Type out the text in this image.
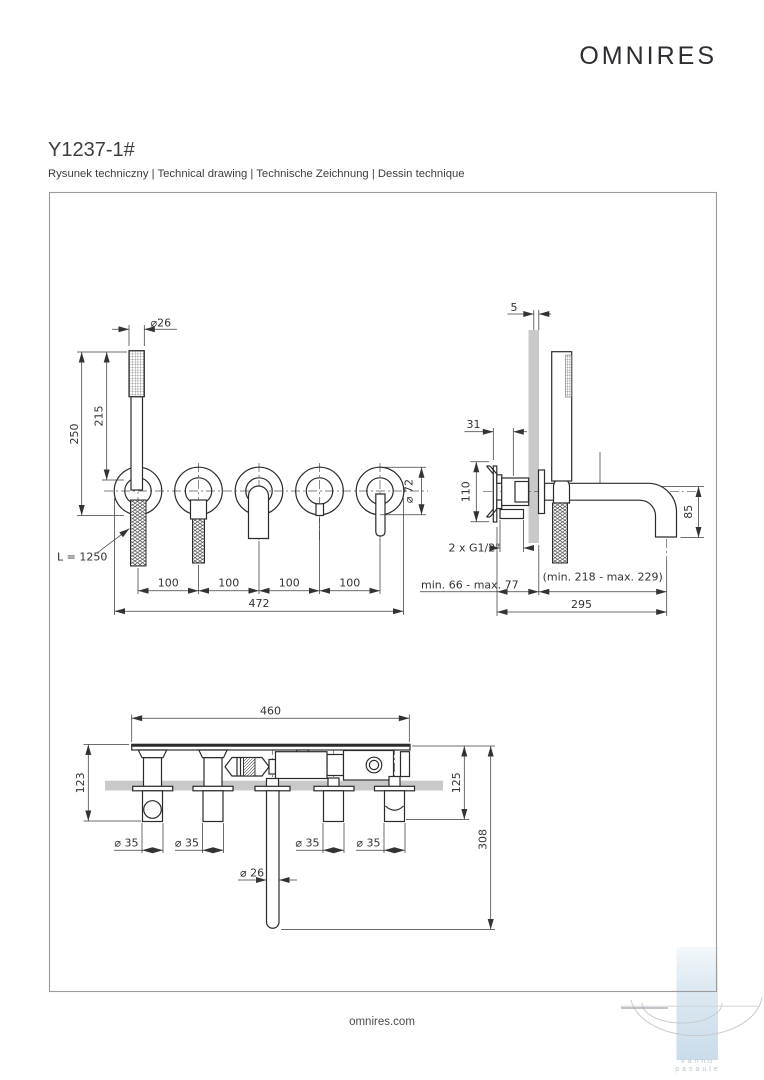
OMNIRES
Y1237-1#
Rysunek techniczny | Technical drawing | Technische Zeichnung | Dessin technique
⌀26
250
215
L = 1250
100	100	100	100
472
⌀ 72
5
31
110
2 x G1/2"
min. 66 - max. 77
(min. 218 - max. 229)
295
85
460
123	125
308
⌀ 35	⌀ 35	⌀ 35	⌀ 35
⌀ 26
omnires.com
vannu
pasaule
